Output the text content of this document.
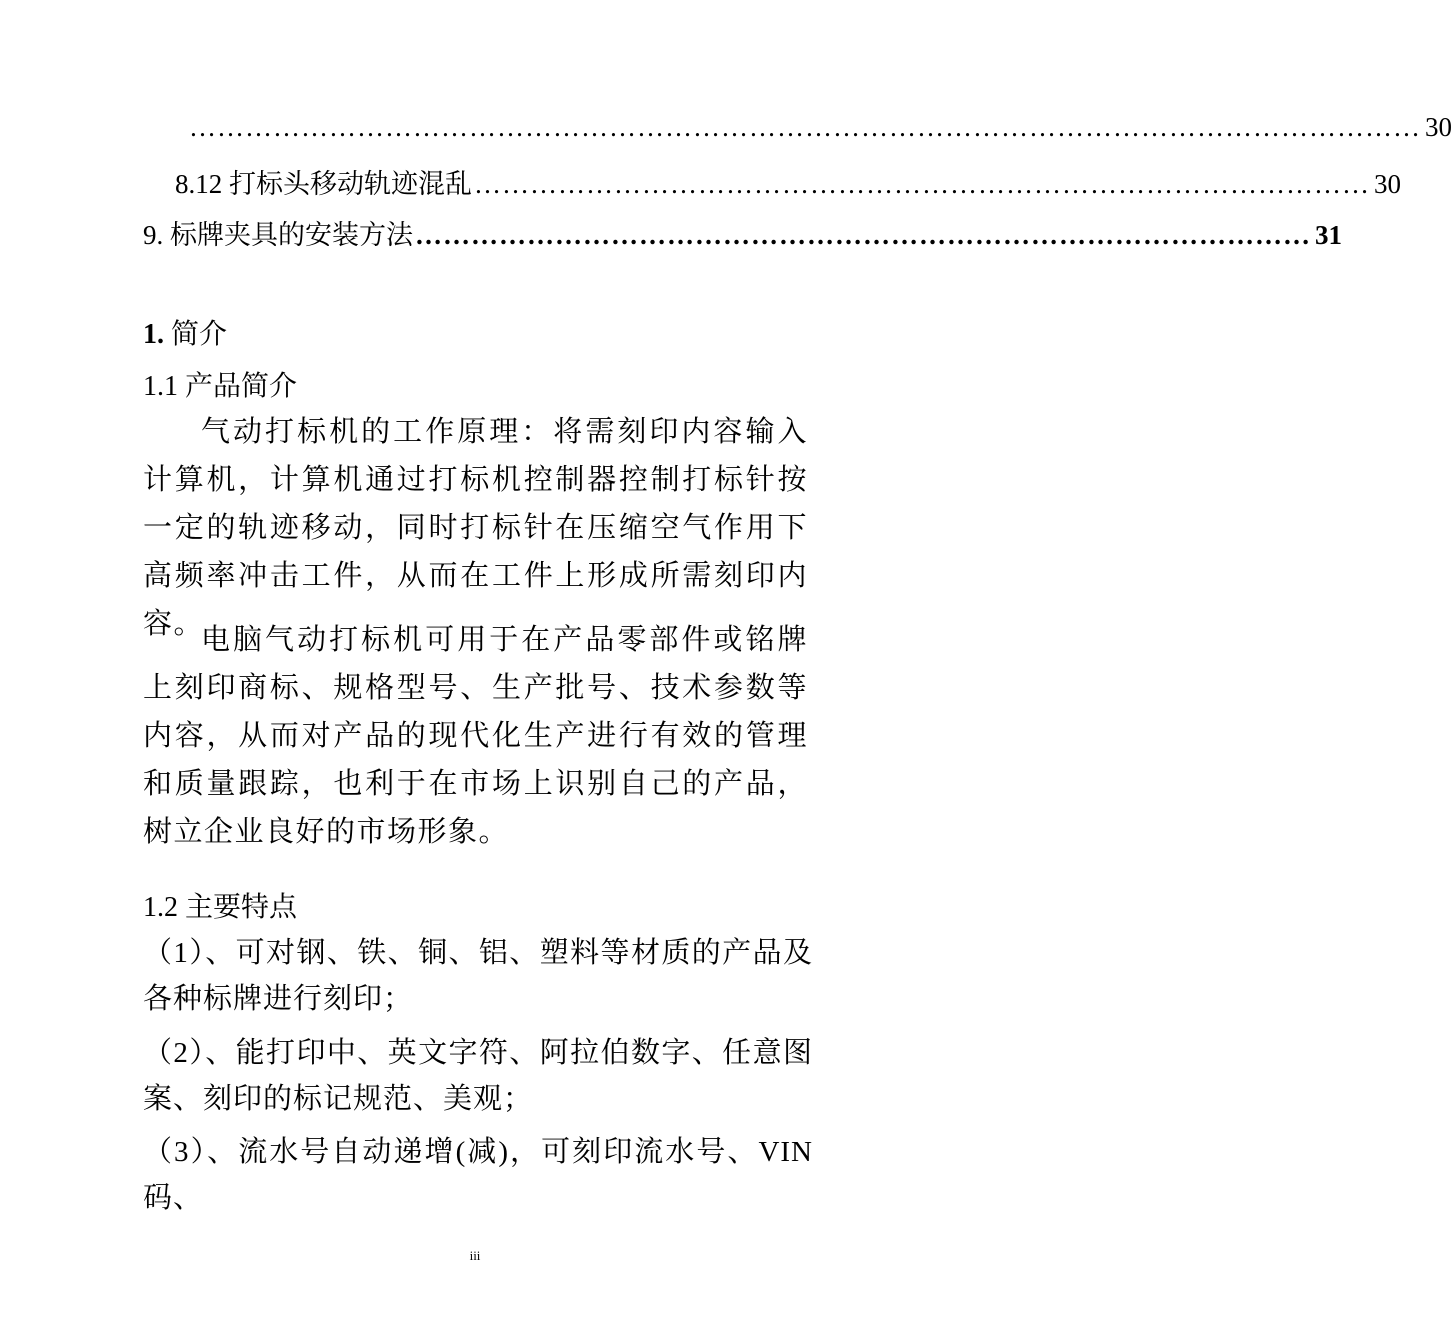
…………………………………………………………………………………………………………………… 30
8.12 打标头移动轨迹混乱 …………………………………………………………………………………… 30
9. 标牌夹具的安装方法 …………………………………………………………………………………… 31
1. 简介
1.1 产品简介
气动打标机的工作原理：将需刻印内容输入计算机，计算机通过打标机控制器控制打标针按一定的轨迹移动，同时打标针在压缩空气作用下高频率冲击工件，从而在工件上形成所需刻印内容。
电脑气动打标机可用于在产品零部件或铭牌上刻印商标、规格型号、生产批号、技术参数等内容，从而对产品的现代化生产进行有效的管理和质量跟踪，也利于在市场上识别自己的产品，树立企业良好的市场形象。
1.2 主要特点
（1）、可对钢、铁、铜、铝、塑料等材质的产品及各种标牌进行刻印；
（2）、能打印中、英文字符、阿拉伯数字、任意图案、刻印的标记规范、美观；
（3）、流水号自动递增(减)，可刻印流水号、VIN 码、
iii
